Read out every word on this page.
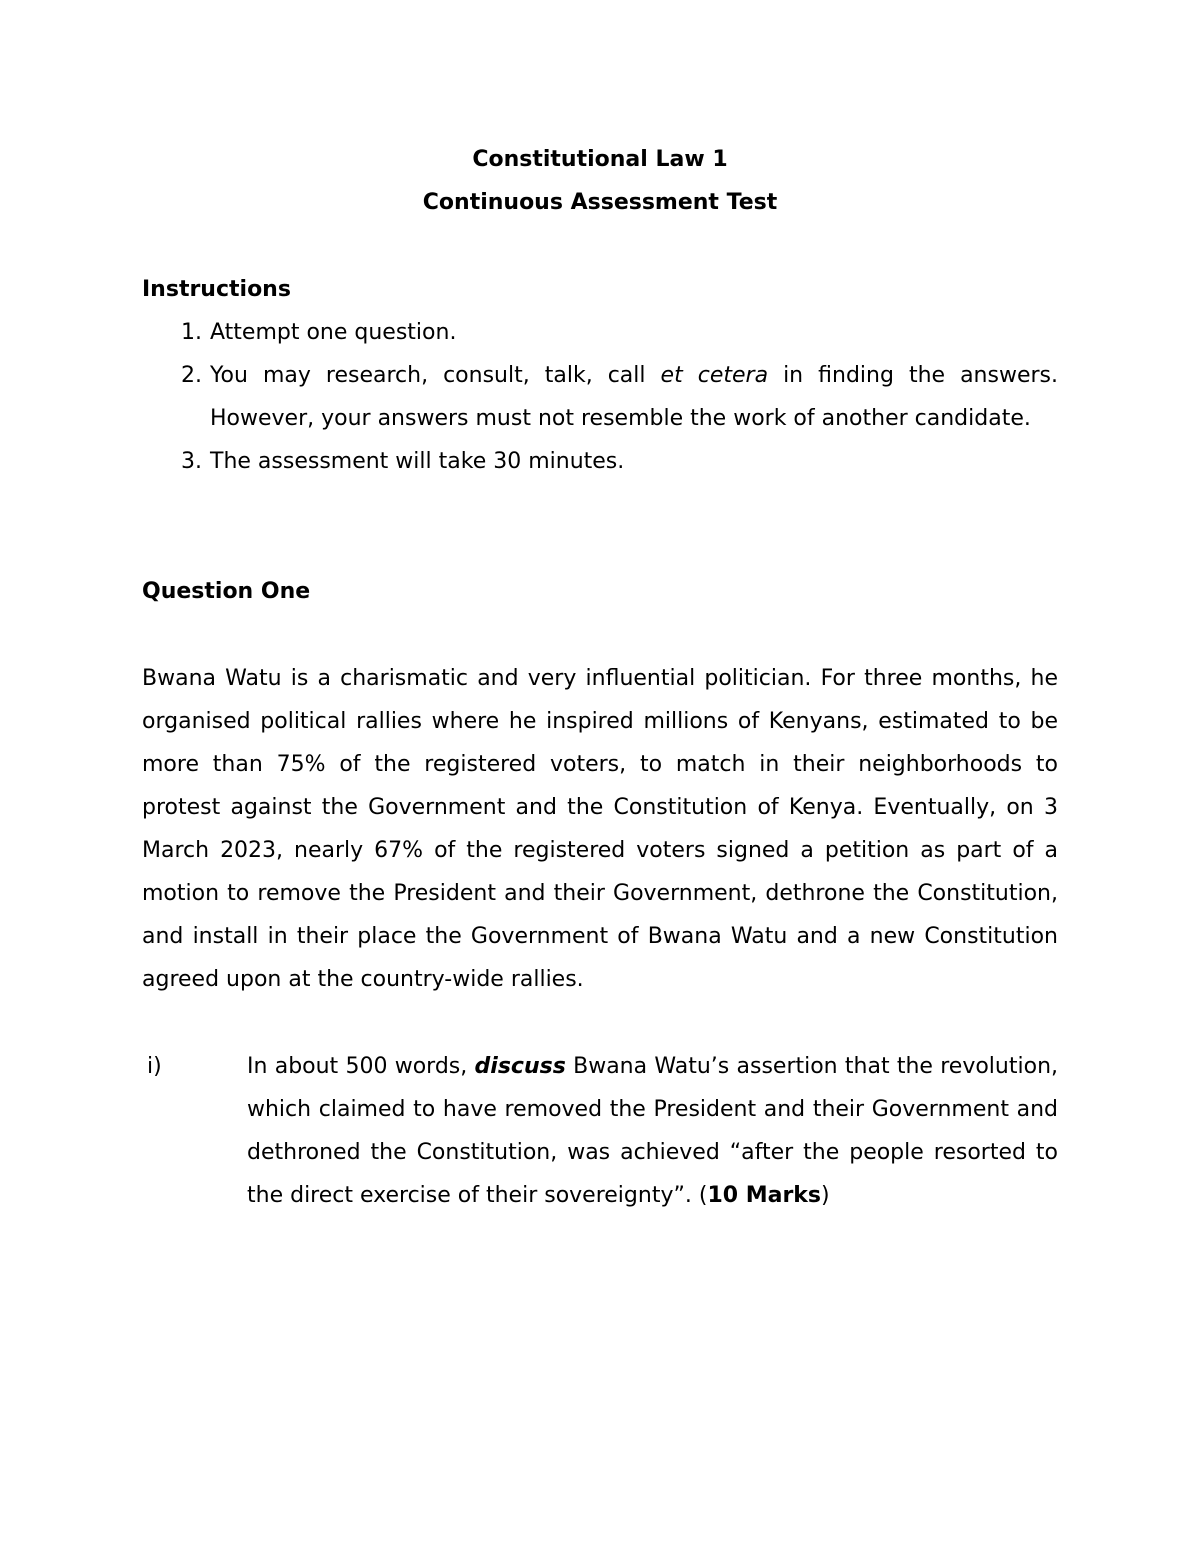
Constitutional Law 1

Continuous Assessment Test

Instructions

1. Attempt one question.
2. You may research, consult, talk, call et cetera in finding the answers. However, your answers must not resemble the work of another candidate.
3. The assessment will take 30 minutes.

Question One

Bwana Watu is a charismatic and very influential politician. For three months, he organised political rallies where he inspired millions of Kenyans, estimated to be more than 75% of the registered voters, to match in their neighborhoods to protest against the Government and the Constitution of Kenya. Eventually, on 3 March 2023, nearly 67% of the registered voters signed a petition as part of a motion to remove the President and their Government, dethrone the Constitution, and install in their place the Government of Bwana Watu and a new Constitution agreed upon at the country-wide rallies.

i)	In about 500 words, discuss Bwana Watu’s assertion that the revolution, which claimed to have removed the President and their Government and dethroned the Constitution, was achieved “after the people resorted to the direct exercise of their sovereignty”. (10 Marks)
